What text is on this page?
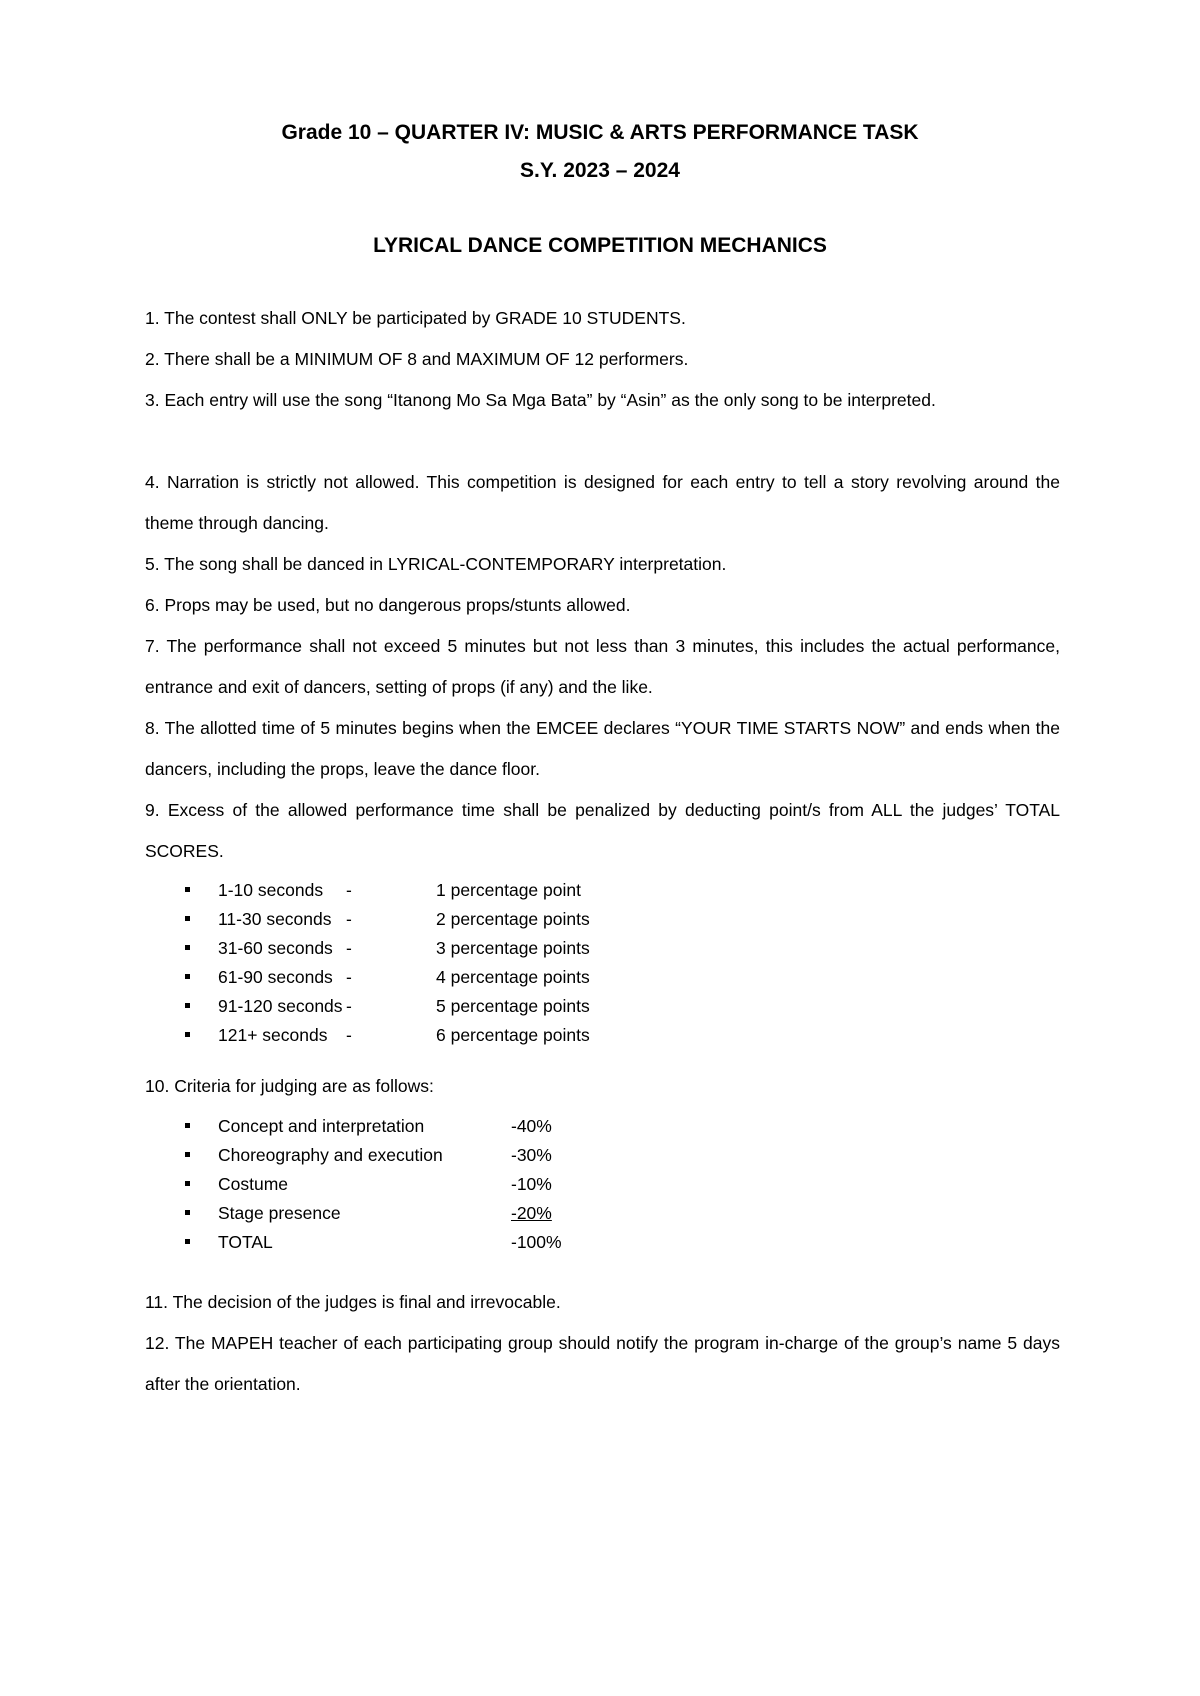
Grade 10 – QUARTER IV: MUSIC & ARTS PERFORMANCE TASK
S.Y. 2023 – 2024
LYRICAL DANCE COMPETITION MECHANICS
1. The contest shall ONLY be participated by GRADE 10 STUDENTS.
2. There shall be a MINIMUM OF 8 and MAXIMUM OF 12 performers.
3. Each entry will use the song “Itanong Mo Sa Mga Bata” by “Asin” as the only song to be interpreted.
4. Narration is strictly not allowed. This competition is designed for each entry to tell a story revolving around the theme through dancing.
5. The song shall be danced in LYRICAL-CONTEMPORARY interpretation.
6. Props may be used, but no dangerous props/stunts allowed.
7. The performance shall not exceed 5 minutes but not less than 3 minutes, this includes the actual performance, entrance and exit of dancers, setting of props (if any) and the like.
8. The allotted time of 5 minutes begins when the EMCEE declares “YOUR TIME STARTS NOW” and ends when the dancers, including the props, leave the dance floor.
9. Excess of the allowed performance time shall be penalized by deducting point/s from ALL the judges’ TOTAL SCORES.
1-10 seconds -	1 percentage point
11-30 seconds -	2 percentage points
31-60 seconds -	3 percentage points
61-90 seconds -	4 percentage points
91-120 seconds -	5 percentage points
121+ seconds -	6 percentage points
10. Criteria for judging are as follows:
Concept and interpretation	-40%
Choreography and execution	-30%
Costume	-10%
Stage presence	-20%
TOTAL	-100%
11. The decision of the judges is final and irrevocable.
12. The MAPEH teacher of each participating group should notify the program in-charge of the group’s name 5 days after the orientation.
